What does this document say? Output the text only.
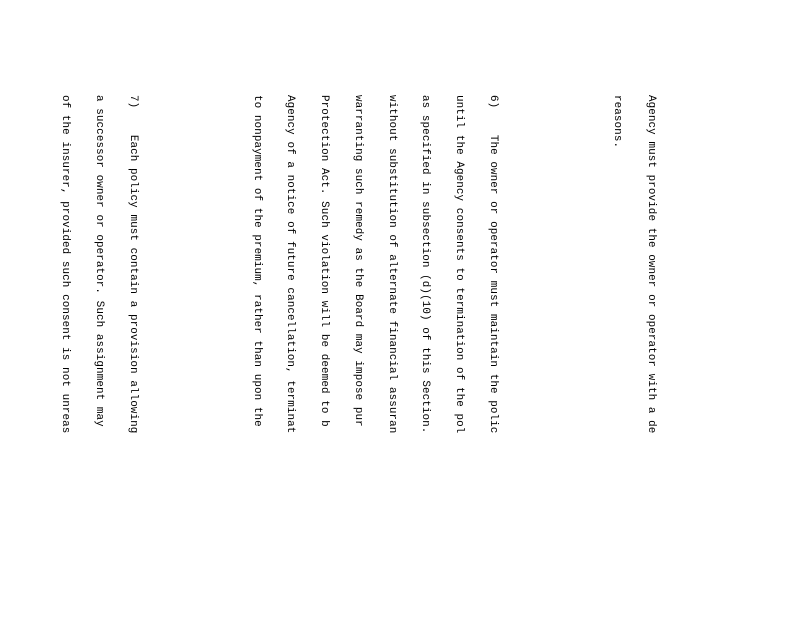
Agency must provide the owner or operator with a de

reasons.

6)    The owner or operator must maintain the polic

until the Agency consents to termination of the pol

as specified in subsection (d)(10) of this Section.

without substitution of alternate financial assuran

warranting such remedy as the Board may impose pur

Protection Act. Such violation will be deemed to b

Agency of a notice of future cancellation, terminat

to nonpayment of the premium, rather than upon the

7)    Each policy must contain a provision allowing

a successor owner or operator. Such assignment may

of the insurer, provided such consent is not unreas
